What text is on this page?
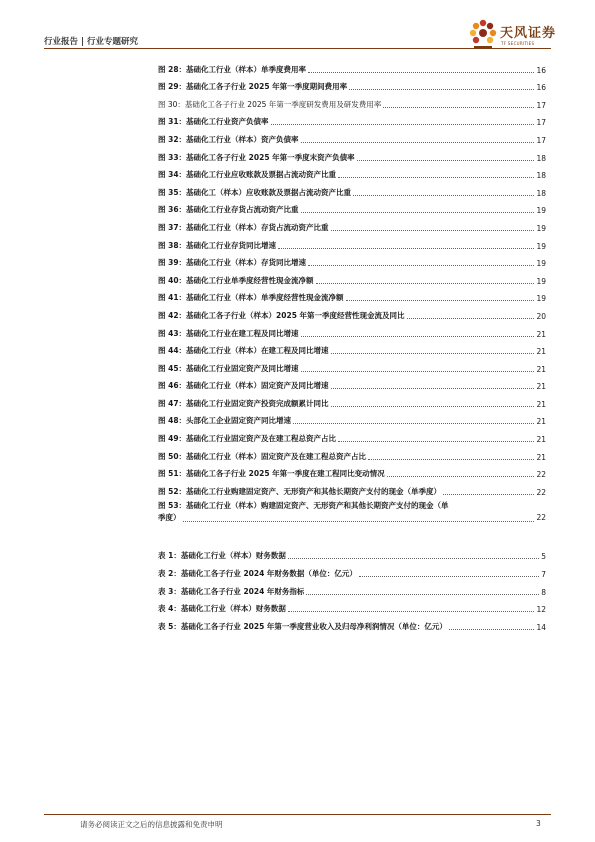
行业报告 | 行业专题研究
天风证券
TF SECURITIES
图 28：基础化工行业（样本）单季度费用率	16
图 29：基础化工各子行业 2025 年第一季度期间费用率	16
图 30：基础化工各子行业 2025 年第一季度研发费用及研发费用率	17
图 31：基础化工行业资产负债率	17
图 32：基础化工行业（样本）资产负债率	17
图 33：基础化工各子行业 2025 年第一季度末资产负债率	18
图 34：基础化工行业应收账款及票据占流动资产比重	18
图 35：基础化工（样本）应收账款及票据占流动资产比重	18
图 36：基础化工行业存货占流动资产比重	19
图 37：基础化工行业（样本）存货占流动资产比重	19
图 38：基础化工行业存货同比增速	19
图 39：基础化工行业（样本）存货同比增速	19
图 40：基础化工行业单季度经营性现金流净额	19
图 41：基础化工行业（样本）单季度经营性现金流净额	19
图 42：基础化工各子行业（样本）2025 年第一季度经营性现金流及同比	20
图 43：基础化工行业在建工程及同比增速	21
图 44：基础化工行业（样本）在建工程及同比增速	21
图 45：基础化工行业固定资产及同比增速	21
图 46：基础化工行业（样本）固定资产及同比增速	21
图 47：基础化工行业固定资产投资完成额累计同比	21
图 48：头部化工企业固定资产同比增速	21
图 49：基础化工行业固定资产及在建工程总资产占比	21
图 50：基础化工行业（样本）固定资产及在建工程总资产占比	21
图 51：基础化工各子行业 2025 年第一季度在建工程同比变动情况	22
图 52：基础化工行业购建固定资产、无形资产和其他长期资产支付的现金（单季度）	22
图 53：基础化工行业（样本）购建固定资产、无形资产和其他长期资产支付的现金（单
季度）	22
表 1：基础化工行业（样本）财务数据	5
表 2：基础化工各子行业 2024 年财务数据（单位：亿元）	7
表 3：基础化工各子行业 2024 年财务指标	8
表 4：基础化工行业（样本）财务数据	12
表 5：基础化工各子行业 2025 年第一季度营业收入及归母净利润情况（单位：亿元）	14
请务必阅读正文之后的信息披露和免责申明	3
